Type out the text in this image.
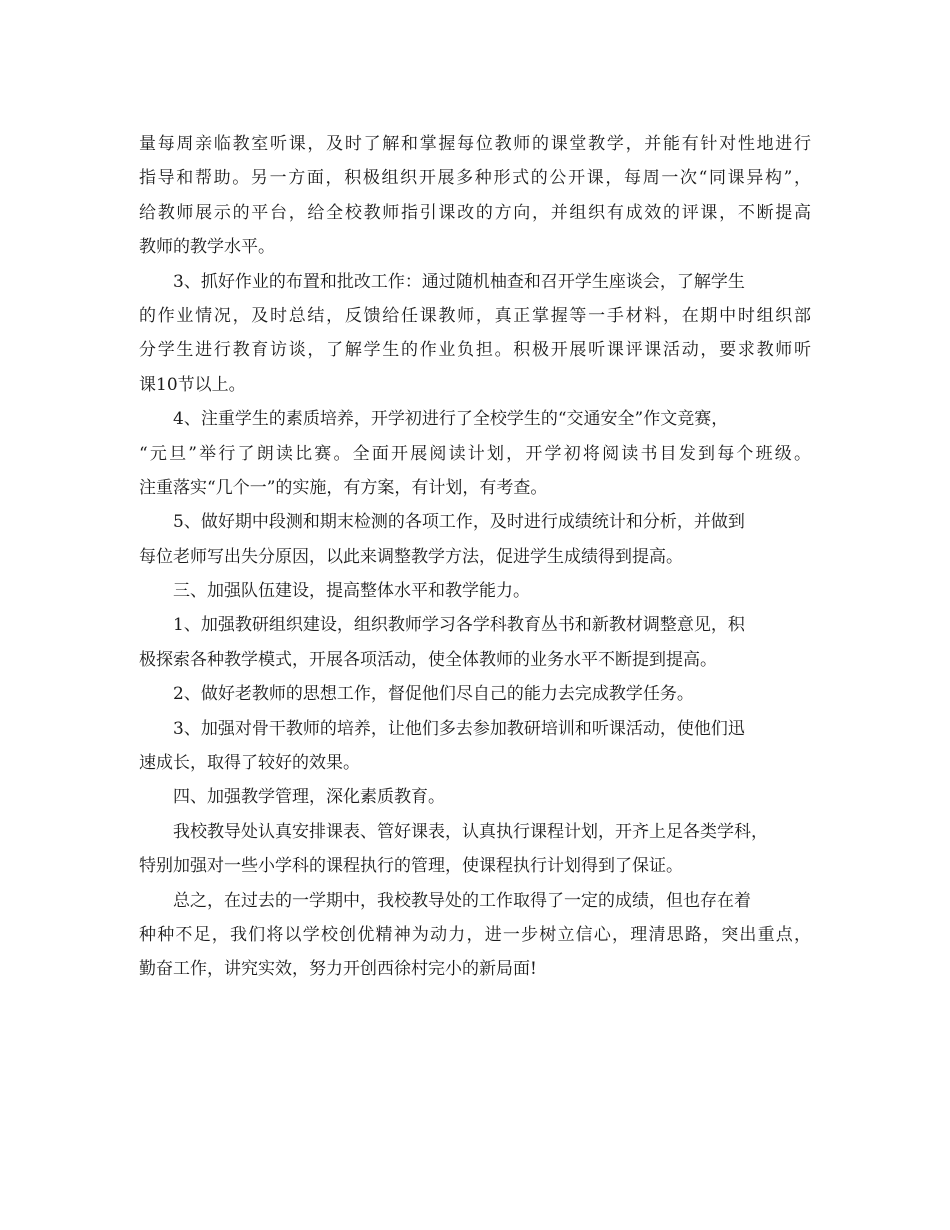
量每周亲临教室听课，及时了解和掌握每位教师的课堂教学，并能有针对性地进行
指导和帮助。另一方面，积极组织开展多种形式的公开课，每周一次“同课异构”，
给教师展示的平台，给全校教师指引课改的方向，并组织有成效的评课，不断提高
教师的教学水平。
3、抓好作业的布置和批改工作：通过随机柚查和召开学生座谈会，了解学生
的作业情况，及时总结，反馈给任课教师，真正掌握等一手材料，在期中时组织部
分学生进行教育访谈，了解学生的作业负担。积极开展听课评课活动，要求教师听
课10节以上。
4、注重学生的素质培养，开学初进行了全校学生的“交通安全”作文竞赛，
“元旦”举行了朗读比赛。全面开展阅读计划，开学初将阅读书目发到每个班级。
注重落实“几个一”的实施，有方案，有计划，有考查。
5、做好期中段测和期末检测的各项工作，及时进行成绩统计和分析，并做到
每位老师写出失分原因，以此来调整教学方法，促进学生成绩得到提高。
三、加强队伍建设，提高整体水平和教学能力。
1、加强教研组织建设，组织教师学习各学科教育丛书和新教材调整意见，积
极探索各种教学模式，开展各项活动，使全体教师的业务水平不断提到提高。
2、做好老教师的思想工作，督促他们尽自己的能力去完成教学任务。
3、加强对骨干教师的培养，让他们多去参加教研培训和听课活动，使他们迅
速成长，取得了较好的效果。
四、加强教学管理，深化素质教育。
我校教导处认真安排课表、管好课表，认真执行课程计划，开齐上足各类学科，
特别加强对一些小学科的课程执行的管理，使课程执行计划得到了保证。
总之，在过去的一学期中，我校教导处的工作取得了一定的成绩，但也存在着
种种不足，我们将以学校创优精神为动力，进一步树立信心，理清思路，突出重点，
勤奋工作，讲究实效，努力开创西徐村完小的新局面!
